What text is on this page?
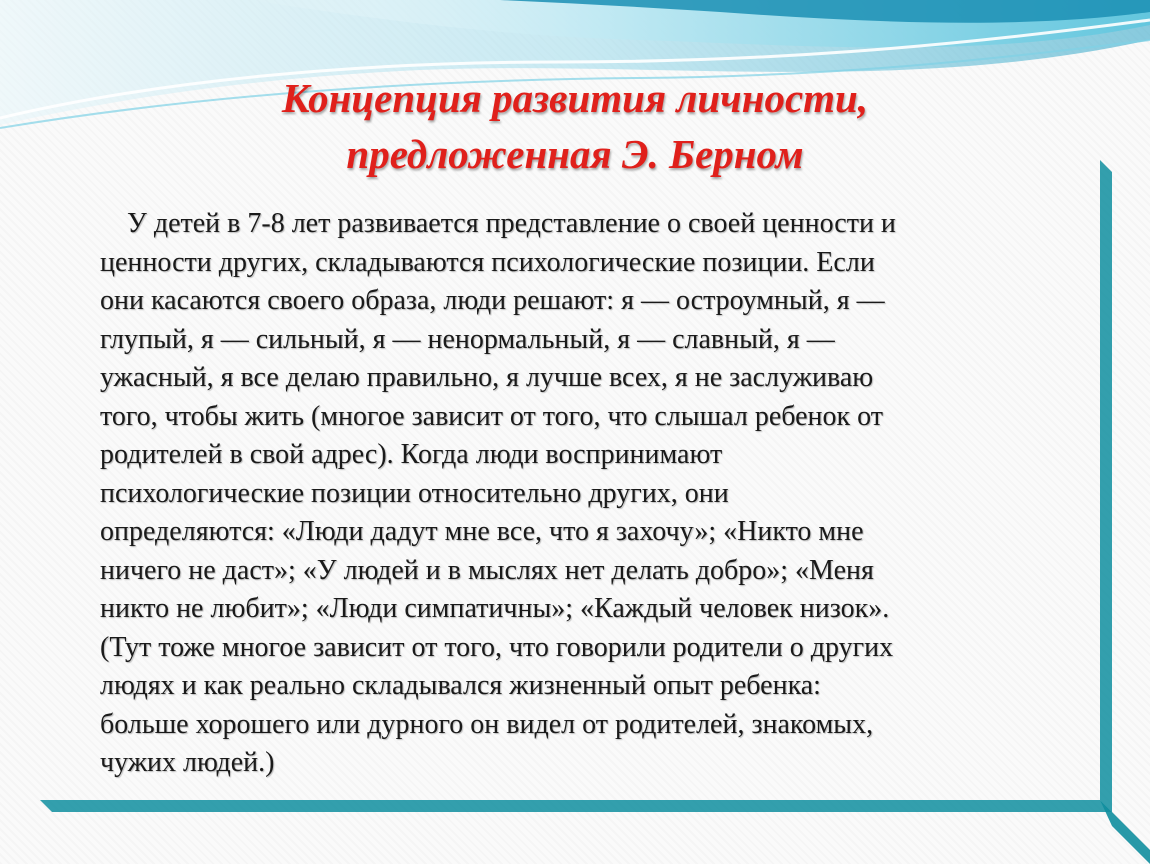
Концепция развития личности,
предложенная Э. Берном

У детей в 7-8 лет развивается представление о своей ценности и
ценности других, складываются психологические позиции. Если
они касаются своего образа, люди решают: я — остроумный, я —
глупый, я — сильный, я — ненормальный, я — славный, я —
ужасный, я все делаю правильно, я лучше всех, я не заслуживаю
того, чтобы жить (многое зависит от того, что слышал ребенок от
родителей в свой адрес). Когда люди воспринимают
психологические позиции относительно других, они
определяются: «Люди дадут мне все, что я захочу»; «Никто мне
ничего не даст»; «У людей и в мыслях нет делать добро»; «Меня
никто не любит»; «Люди симпатичны»; «Каждый человек низок».
(Тут тоже многое зависит от того, что говорили родители о других
людях и как реально складывался жизненный опыт ребенка:
больше хорошего или дурного он видел от родителей, знакомых,
чужих людей.)
